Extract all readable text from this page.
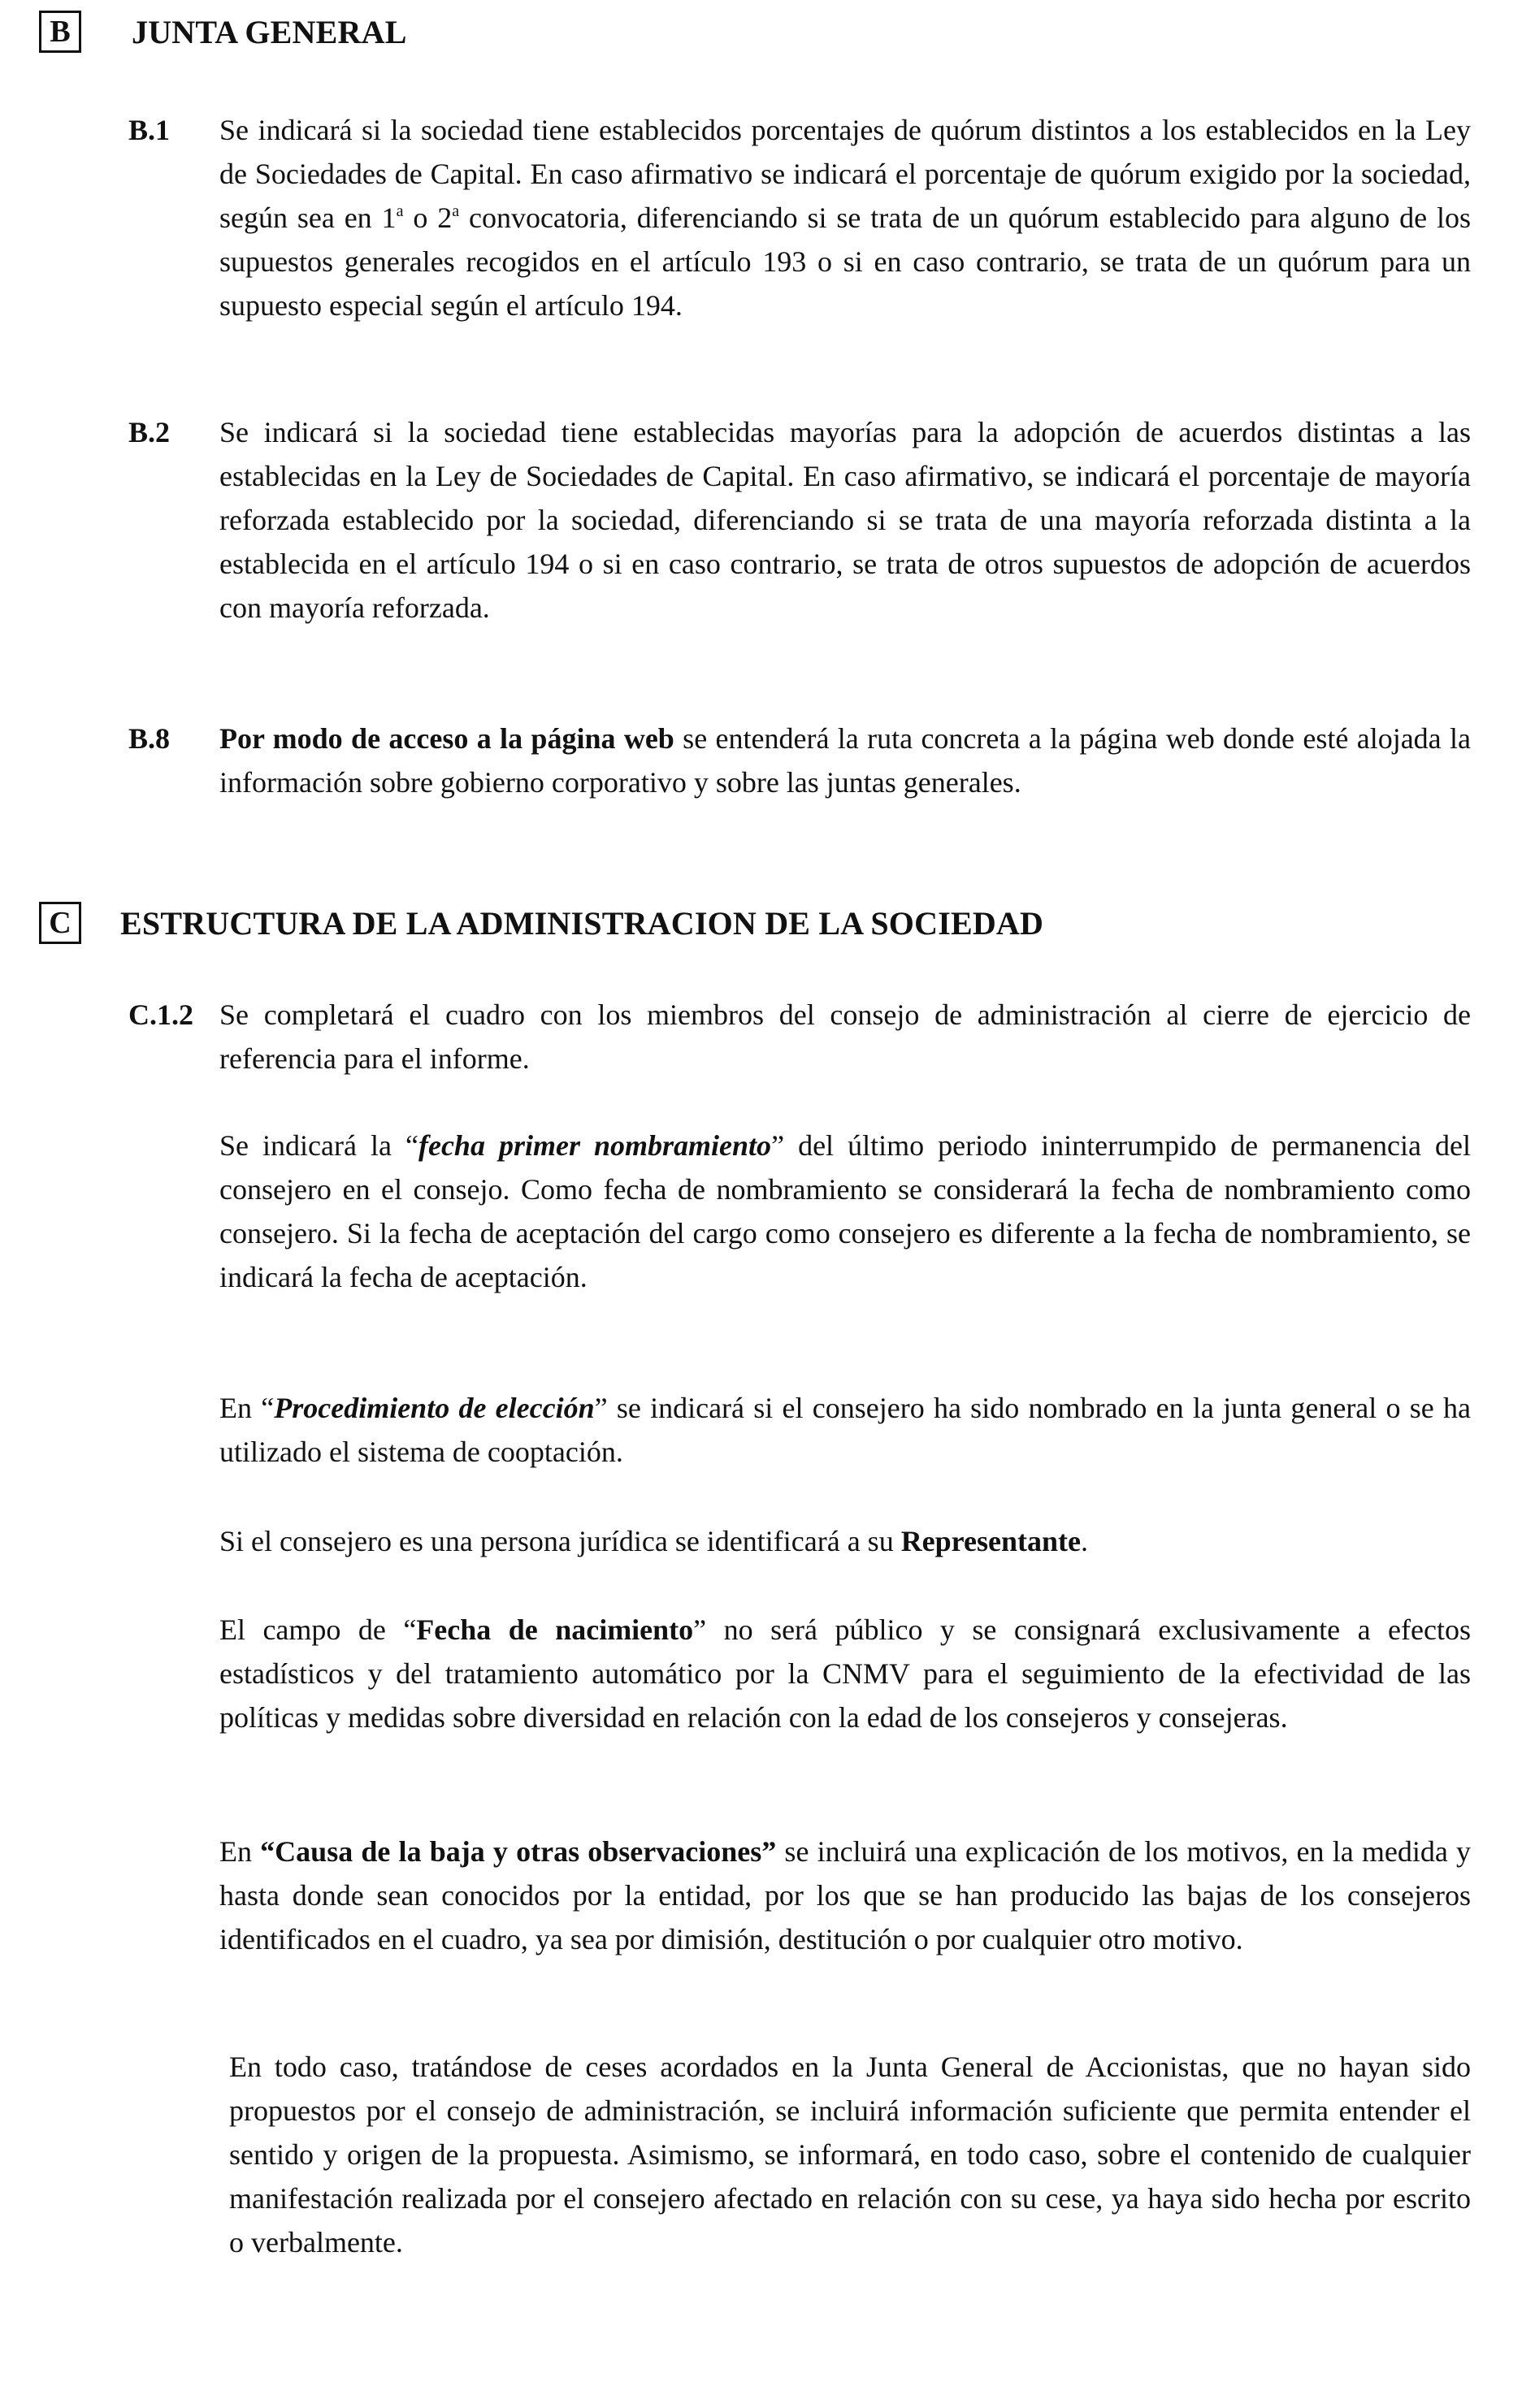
B	JUNTA GENERAL
B.1 Se indicará si la sociedad tiene establecidos porcentajes de quórum distintos a los establecidos en la Ley de Sociedades de Capital. En caso afirmativo se indicará el porcentaje de quórum exigido por la sociedad, según sea en 1$^a$ o 2$^a$ convocatoria, diferenciando si se trata de un quórum establecido para alguno de los supuestos generales recogidos en el artículo 193 o si en caso contrario, se trata de un quórum para un supuesto especial según el artículo 194.
B.2 Se indicará si la sociedad tiene establecidas mayorías para la adopción de acuerdos distintas a las establecidas en la Ley de Sociedades de Capital. En caso afirmativo, se indicará el porcentaje de mayoría reforzada establecido por la sociedad, diferenciando si se trata de una mayoría reforzada distinta a la establecida en el artículo 194 o si en caso contrario, se trata de otros supuestos de adopción de acuerdos con mayoría reforzada.
B.8 Por modo de acceso a la página web se entenderá la ruta concreta a la página web donde esté alojada la información sobre gobierno corporativo y sobre las juntas generales.
C	ESTRUCTURA DE LA ADMINISTRACION DE LA SOCIEDAD
C.1.2 Se completará el cuadro con los miembros del consejo de administración al cierre de ejercicio de referencia para el informe.
Se indicará la “fecha primer nombramiento” del último periodo ininterrumpido de permanencia del consejero en el consejo. Como fecha de nombramiento se considerará la fecha de nombramiento como consejero. Si la fecha de aceptación del cargo como consejero es diferente a la fecha de nombramiento, se indicará la fecha de aceptación.
En “Procedimiento de elección” se indicará si el consejero ha sido nombrado en la junta general o se ha utilizado el sistema de cooptación.
Si el consejero es una persona jurídica se identificará a su Representante.
El campo de “Fecha de nacimiento” no será público y se consignará exclusivamente a efectos estadísticos y del tratamiento automático por la CNMV para el seguimiento de la efectividad de las políticas y medidas sobre diversidad en relación con la edad de los consejeros y consejeras.
En “Causa de la baja y otras observaciones” se incluirá una explicación de los motivos, en la medida y hasta donde sean conocidos por la entidad, por los que se han producido las bajas de los consejeros identificados en el cuadro, ya sea por dimisión, destitución o por cualquier otro motivo.
En todo caso, tratándose de ceses acordados en la Junta General de Accionistas, que no hayan sido propuestos por el consejo de administración, se incluirá información suficiente que permita entender el sentido y origen de la propuesta. Asimismo, se informará, en todo caso, sobre el contenido de cualquier manifestación realizada por el consejero afectado en relación con su cese, ya haya sido hecha por escrito o verbalmente.
